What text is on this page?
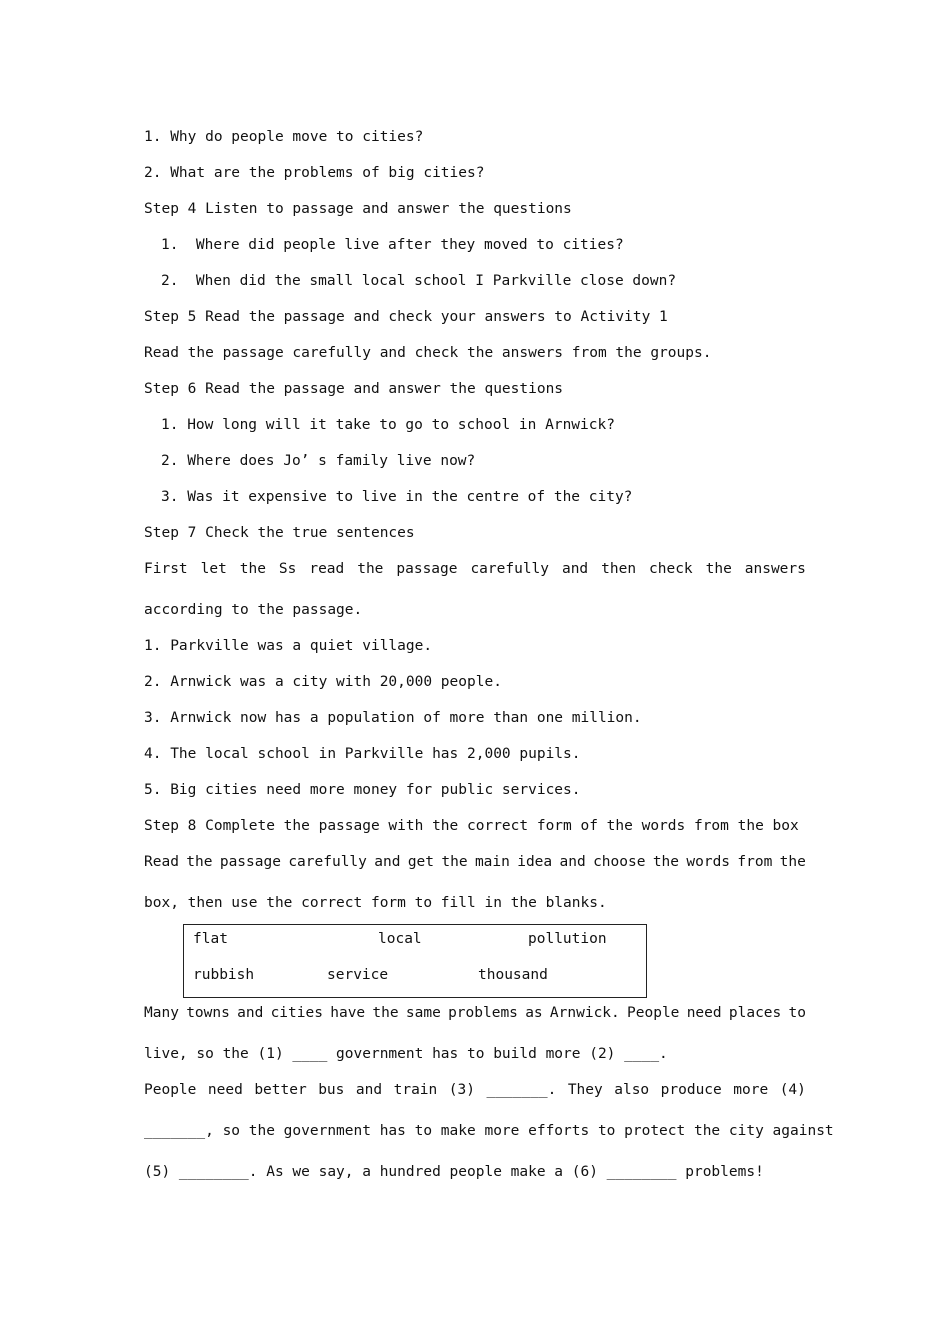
1. Why do people move to cities?
2. What are the problems of big cities?
Step 4 Listen to passage and answer the questions
1.  Where did people live after they moved to cities?
2.  When did the small local school I Parkville close down?
Step 5 Read the passage and check your answers to Activity 1
Read the passage carefully and check the answers from the groups.
Step 6 Read the passage and answer the questions
1. How long will it take to go to school in Arnwick?
2. Where does Jo’ s family live now?
3. Was it expensive to live in the centre of the city?
Step 7 Check the true sentences
First let the Ss read the passage carefully and then check the answers
according to the passage.
1. Parkville was a quiet village.
2. Arnwick was a city with 20,000 people.
3. Arnwick now has a population of more than one million.
4. The local school in Parkville has 2,000 pupils.
5. Big cities need more money for public services.
Step 8 Complete the passage with the correct form of the words from the box
Read the passage carefully and get the main idea and choose the words from the
box, then use the correct form to fill in the blanks.
flat	local	pollution
rubbish	service	thousand
Many towns and cities have the same problems as Arnwick. People need places to
live, so the (1) ____ government has to build more (2) ____.
People need better bus and train (3) _______. They also produce more (4)
_______, so the government has to make more efforts to protect the city against
(5) ________. As we say, a hundred people make a (6) ________ problems!
